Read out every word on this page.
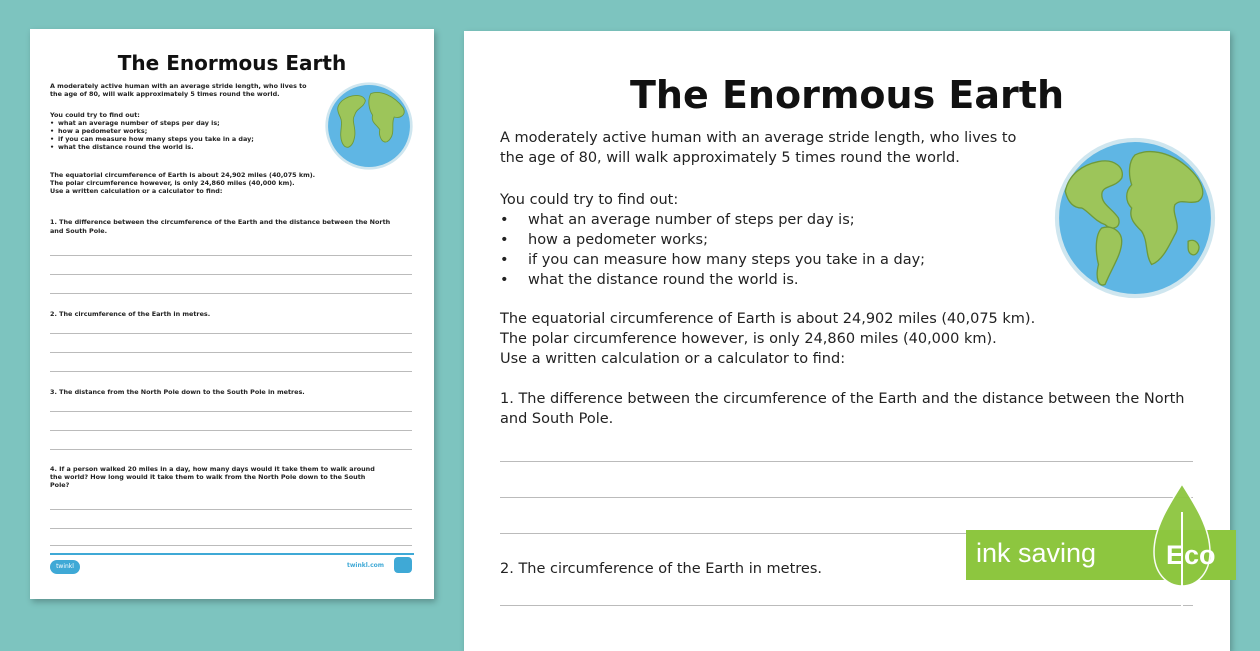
The Enormous Earth
A moderately active human with an average stride length, who lives to
the age of 80, will walk approximately 5 times round the world.
You could try to find out:
• what an average number of steps per day is;
• how a pedometer works;
• if you can measure how many steps you take in a day;
• what the distance round the world is.
The equatorial circumference of Earth is about 24,902 miles (40,075 km).
The polar circumference however, is only 24,860 miles (40,000 km).
Use a written calculation or a calculator to find:
1. The difference between the circumference of the Earth and the distance between the North
and South Pole.
2. The circumference of the Earth in metres.
3. The distance from the North Pole down to the South Pole in metres.
4. If a person walked 20 miles in a day, how many days would it take them to walk around
the world? How long would it take them to walk from the North Pole down to the South
Pole?
twinkl	twinkl.com
The Enormous Earth
A moderately active human with an average stride length, who lives to
the age of 80, will walk approximately 5 times round the world.
You could try to find out:
• what an average number of steps per day is;
• how a pedometer works;
• if you can measure how many steps you take in a day;
• what the distance round the world is.
The equatorial circumference of Earth is about 24,902 miles (40,075 km).
The polar circumference however, is only 24,860 miles (40,000 km).
Use a written calculation or a calculator to find:
1. The difference between the circumference of the Earth and the distance between the North
and South Pole.
2. The circumference of the Earth in metres.
ink saving	Eco
